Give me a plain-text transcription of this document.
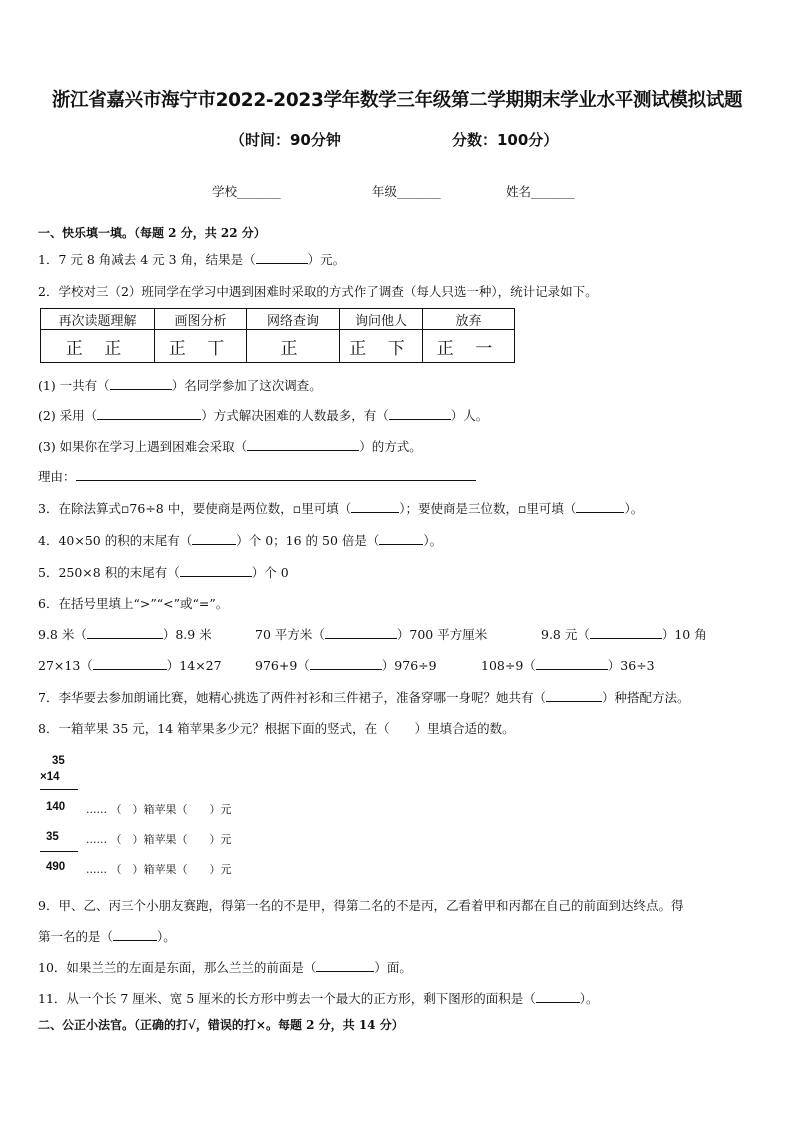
浙江省嘉兴市海宁市2022-2023学年数学三年级第二学期期末学业水平测试模拟试题
（时间：90分钟	分数：100分）
学校_______	年级_______	姓名_______
一、快乐填一填。（每题 2 分，共 22 分）
1．7 元 8 角减去 4 元 3 角，结果是（	）元。
2．学校对三（2）班同学在学习中遇到困难时采取的方式作了调查（每人只选一种），统计记录如下。
再次读题理解	画图分析	网络查询	询问他人	放弃
正 正	正 丅	正	正 下	正 一
(1) 一共有（	）名同学参加了这次调查。
(2) 采用（	）方式解决困难的人数最多，有（	）人。
(3) 如果你在学习上遇到困难会采取（	）的方式。
理由：
3．在除法算式▫76÷8 中，要使商是两位数，▫里可填（	）；要使商是三位数，▫里可填（	）。
4．40×50 的积的末尾有（	）个 0；16 的 50 倍是（	）。
5．250×8 积的末尾有（	）个 0
6．在括号里填上“>”“<”或“=”。
9.8 米（	）8.9 米	70 平方米（	）700 平方厘米	9.8 元（	）10 角
27×13（	）14×27	976+9（	）976÷9	108÷9（	）36÷3
7．李华要去参加朗诵比赛，她精心挑选了两件衬衫和三件裙子，准备穿哪一身呢？她共有（	）种搭配方法。
8．一箱苹果 35 元，14 箱苹果多少元？根据下面的竖式，在（　　）里填合适的数。
35
×14
140 ...... （　）箱苹果（　　）元
35 ...... （　）箱苹果（　　）元
490 ...... （　）箱苹果（　　）元
9．甲、乙、丙三个小朋友赛跑，得第一名的不是甲，得第二名的不是丙，乙看着甲和丙都在自己的前面到达终点。得
第一名的是（	）。
10．如果兰兰的左面是东面，那么兰兰的前面是（	）面。
11．从一个长 7 厘米、宽 5 厘米的长方形中剪去一个最大的正方形，剩下图形的面积是（	）。
二、公正小法官。（正确的打√，错误的打×。每题 2 分，共 14 分）
